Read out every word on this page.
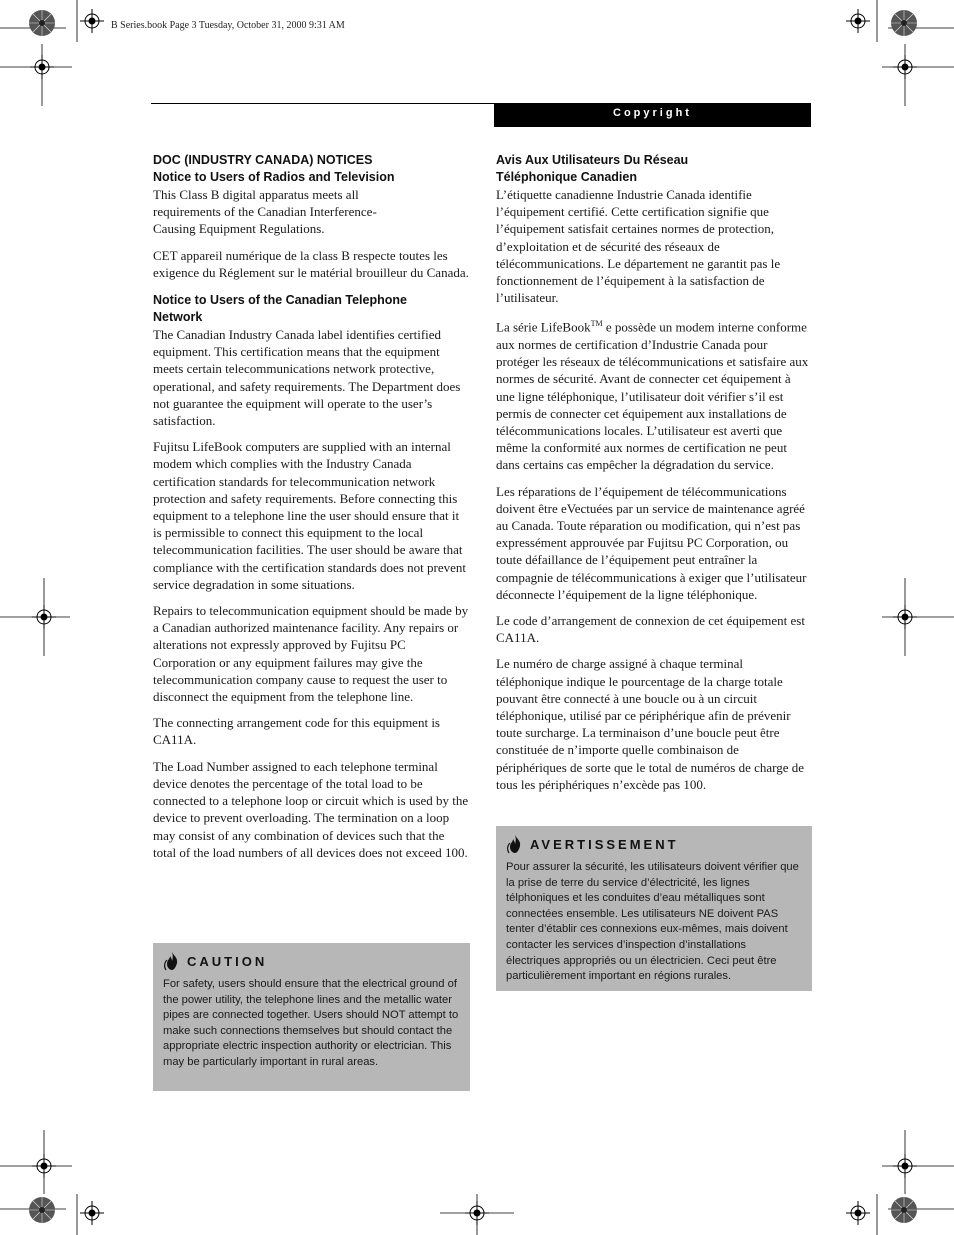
B Series.book Page 3 Tuesday, October 31, 2000 9:31 AM
Copyright

DOC (INDUSTRY CANADA) NOTICES

Notice to Users of Radios and Television

This Class B digital apparatus meets all requirements of the Canadian Interference-Causing Equipment Regulations.

CET appareil numérique de la class B respecte toutes les exigence du Réglement sur le matérial brouilleur du Canada.

Notice to Users of the Canadian Telephone Network

The Canadian Industry Canada label identifies certified equipment. This certification means that the equipment meets certain telecommunications network protective, operational, and safety requirements. The Department does not guarantee the equipment will operate to the user’s satisfaction.

Fujitsu LifeBook computers are supplied with an internal modem which complies with the Industry Canada certification standards for telecommunication network protection and safety requirements. Before connecting this equipment to a telephone line the user should ensure that it is permissible to connect this equipment to the local telecommunication facilities. The user should be aware that compliance with the certification standards does not prevent service degradation in some situations.

Repairs to telecommunication equipment should be made by a Canadian authorized maintenance facility. Any repairs or alterations not expressly approved by Fujitsu PC Corporation or any equipment failures may give the telecommunication company cause to request the user to disconnect the equipment from the telephone line.

The connecting arrangement code for this equipment is CA11A.

The Load Number assigned to each telephone terminal device denotes the percentage of the total load to be connected to a telephone loop or circuit which is used by the device to prevent overloading. The termination on a loop may consist of any combination of devices such that the total of the load numbers of all devices does not exceed 100.

CAUTION

For safety, users should ensure that the electrical ground of the power utility, the telephone lines and the metallic water pipes are connected together. Users should NOT attempt to make such connections themselves but should contact the appropriate electric inspection authority or electrician. This may be particularly important in rural areas.

Avis Aux Utilisateurs Du Réseau

Téléphonique Canadien

L’étiquette canadienne Industrie Canada identifie l’équipement certifié. Cette certification signifie que l’équipement satisfait certaines normes de protection, d’exploitation et de sécurité des réseaux de télécommunications. Le département ne garantit pas le fonctionnement de l’équipement à la satisfaction de l’utilisateur.

La série LifeBook™ e possède un modem interne conforme aux normes de certification d’Industrie Canada pour protéger les réseaux de télécommunications et satisfaire aux normes de sécurité. Avant de connecter cet équipement à une ligne téléphonique, l’utilisateur doit vérifier s’il est permis de connecter cet équipement aux installations de télécommunications locales. L’utilisateur est averti que même la conformité aux normes de certification ne peut dans certains cas empêcher la dégradation du service.

Les réparations de l’équipement de télécommunications doivent être eVectuées par un service de maintenance agréé au Canada. Toute réparation ou modification, qui n’est pas expressément approuvée par Fujitsu PC Corporation, ou toute défaillance de l’équipement peut entraîner la compagnie de télécommunications à exiger que l’utilisateur déconnecte l’équipement de la ligne téléphonique.

Le code d’arrangement de connexion de cet équipement est CA11A.

Le numéro de charge assigné à chaque terminal téléphonique indique le pourcentage de la charge totale pouvant être connecté à une boucle ou à un circuit téléphonique, utilisé par ce périphérique afin de prévenir toute surcharge. La terminaison d’une boucle peut être constituée de n’importe quelle combinaison de périphériques de sorte que le total de numéros de charge de tous les périphériques n’excède pas 100.

AVERTISSEMENT

Pour assurer la sécurité, les utilisateurs doivent vérifier que la prise de terre du service d’électricité, les lignes télphoniques et les conduites d’eau métalliques sont connectées ensemble. Les utilisateurs NE doivent PAS tenter d’établir ces connexions eux-mêmes, mais doivent contacter les services d’inspection d’installations électriques appropriés ou un électricien. Ceci peut être particulièrement important en régions rurales.
